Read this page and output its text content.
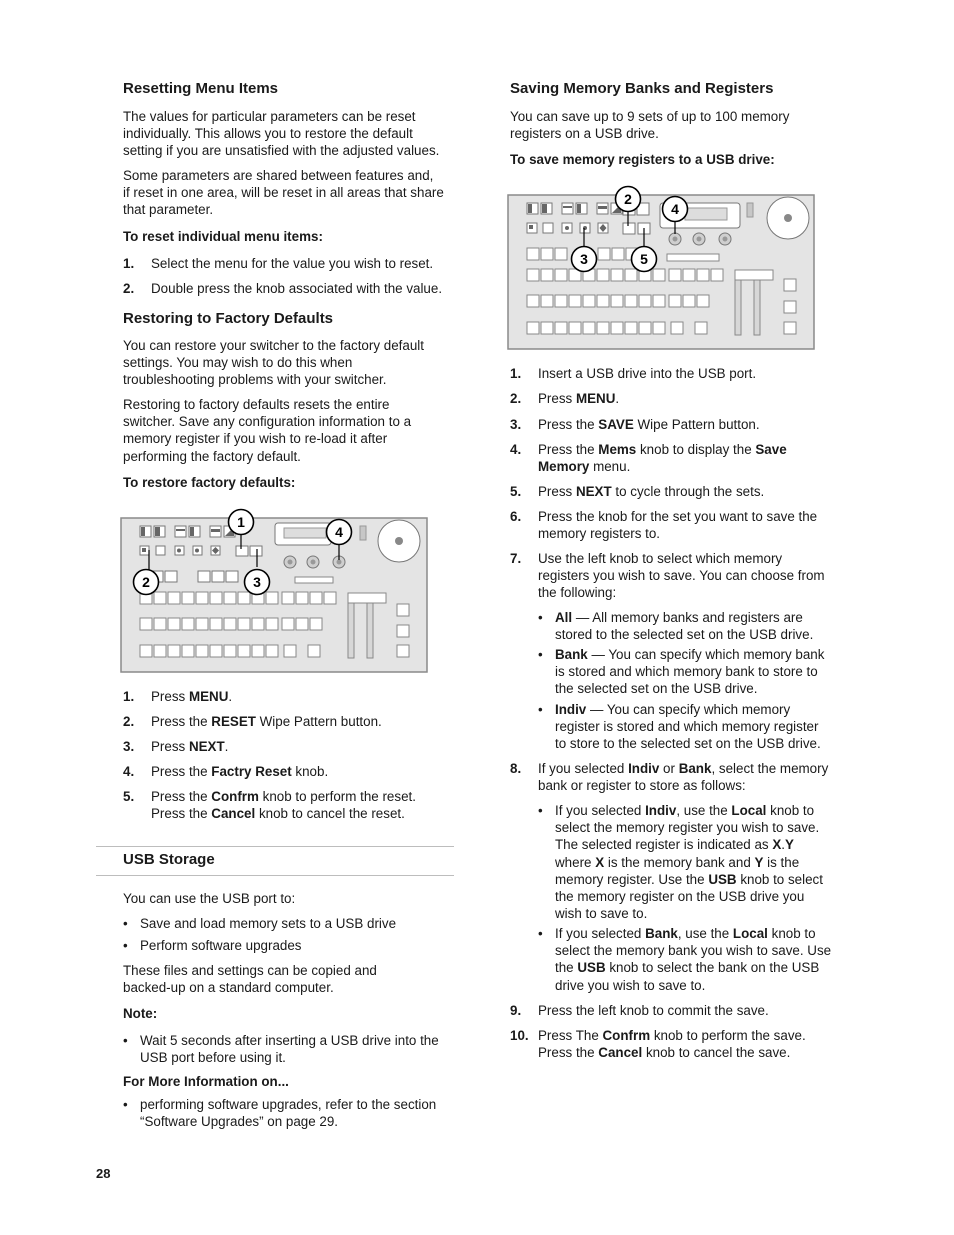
Resetting Menu Items

The values for particular parameters can be reset
individually. This allows you to restore the default
setting if you are unsatisfied with the adjusted values.

Some parameters are shared between features and,
if reset in one area, will be reset in all areas that share
that parameter.

To reset individual menu items:
1. Select the menu for the value you wish to reset.
2. Double press the knob associated with the value.
Restoring to Factory Defaults

You can restore your switcher to the factory default
settings. You may wish to do this when
troubleshooting problems with your switcher.

Restoring to factory defaults resets the entire
switcher. Save any configuration information to a
memory register if you wish to re-load it after
performing the factory default.

To restore factory defaults:
1
4
2	3
1. Press MENU.
2. Press the RESET Wipe Pattern button.
3. Press NEXT.
4. Press the Factry Reset knob.
5. Press the Confrm knob to perform the reset.
Press the Cancel knob to cancel the reset.
USB Storage

You can use the USB port to:

• Save and load memory sets to a USB drive
• Perform software upgrades

These files and settings can be copied and
backed-up on a standard computer.

Note:
• Wait 5 seconds after inserting a USB drive into the
USB port before using it.
For More Information on...
• performing software upgrades, refer to the section
“Software Upgrades” on page 29.
28
Saving Memory Banks and Registers

You can save up to 9 sets of up to 100 memory
registers on a USB drive.

To save memory registers to a USB drive:
2
4
3	5
1. Insert a USB drive into the USB port.
2. Press MENU.
3. Press the SAVE Wipe Pattern button.
4. Press the Mems knob to display the Save
Memory menu.
5. Press NEXT to cycle through the sets.
6. Press the knob for the set you want to save the
memory registers to.
7. Use the left knob to select which memory
registers you wish to save. You can choose from
the following:
• All — All memory banks and registers are
stored to the selected set on the USB drive.
• Bank — You can specify which memory bank
is stored and which memory bank to store to
the selected set on the USB drive.
• Indiv — You can specify which memory
register is stored and which memory register
to store to the selected set on the USB drive.
8. If you selected Indiv or Bank, select the memory
bank or register to store as follows:
• If you selected Indiv, use the Local knob to
select the memory register you wish to save.
The selected register is indicated as X.Y
where X is the memory bank and Y is the
memory register. Use the USB knob to select
the memory register on the USB drive you
wish to save to.
• If you selected Bank, use the Local knob to
select the memory bank you wish to save. Use
the USB knob to select the bank on the USB
drive you wish to save to.
9. Press the left knob to commit the save.
10. Press The Confrm knob to perform the save.
Press the Cancel knob to cancel the save.
